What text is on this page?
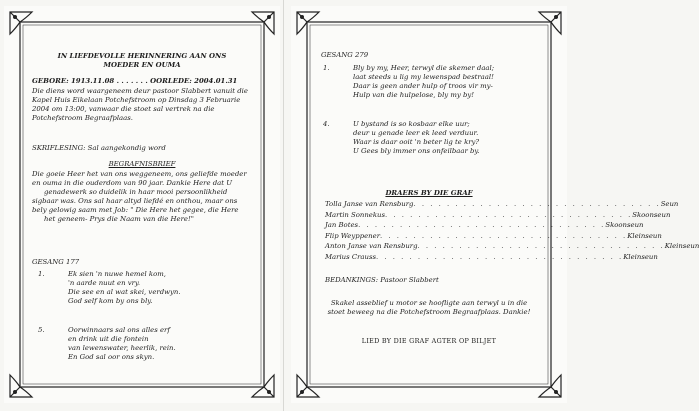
IN LIEFDEVOLLE HERINNERING AAN ONS
MOEDER EN OUMA
GEBORE: 1913.11.08 . . . . . . . OORLEDE: 2004.01.31
Die diens word waargeneem deur pastoor Slabbert vanuit die
Kapel Huis Eikelaan Potchefstroom op Dinsdag 3 Februarie
2004 om 13:00, vanwaar die stoet sal vertrek na die
Potchefstroom Begraafplaas.
SKRIFLESING: Sal aangekondig word
BEGRAFNISBRIEF
Die goeie Heer het van ons weggeneem, ons geliefde moeder
en ouma in die ouderdom van 90 jaar. Dankie Here dat U
genadewerk so duidelik in haar mooi persoonlikheid
sigbaar was. Ons sal haar altyd liefdé en onthou, maar ons
bely gelowig saam met Job: " Die Here het gegee, die Here
het geneem- Prys die Naam van die Here!"
GESANG 177
1.	Ek sien 'n nuwe hemel kom,
'n aarde nuut en vry.
Die see en al wat skei, verdwyn.
God self kom by ons bly.
5.	Oorwinnaars sal ons alles erf
en drink uit die fontein
van lewenswater, heerlik, rein.
En God sal oor ons skyn.
GESANG 279
1.	Bly by my, Heer, terwyl die skemer daal;
laat steeds u lig my lewenspad bestraal!
Daar is geen ander hulp of troos vir my-
Hulp van die hulpelose, bly my by!
4.	U bystand is so kosbaar elke uur;
deur u genade leer ek leed verduur.
Waar is daar ooit 'n beter lig te kry?
U Gees bly immer ons onfeilbaar by.
DRAERS BY DIE GRAF
Tolla Janse van Rensburg . . . . . . . . . . . . . . . . . . . . . . . . . . . . . . Seun
Martin Sonnekus . . . . . . . . . . . . . . . . . . . . . . . . . . . . . . Skoonseun
Jan Botes . . . . . . . . . . . . . . . . . . . . . . . . . . . . . . Skoonseun
Flip Weyppener . . . . . . . . . . . . . . . . . . . . . . . . . . . . . . Kleinseun
Anton Janse van Rensburg . . . . . . . . . . . . . . . . . . . . . . . . . . . . . . Kleinseun
Marius Crauss . . . . . . . . . . . . . . . . . . . . . . . . . . . . . . Kleinseun
BEDANKINGS: Pastoor Slabbert
Skakel asseblief u motor se hoofligte aan terwyl u in die
stoet beweeg na die Potchefstroom Begraafplaas. Dankie!
LIED BY DIE GRAF AGTER OP BILJET
